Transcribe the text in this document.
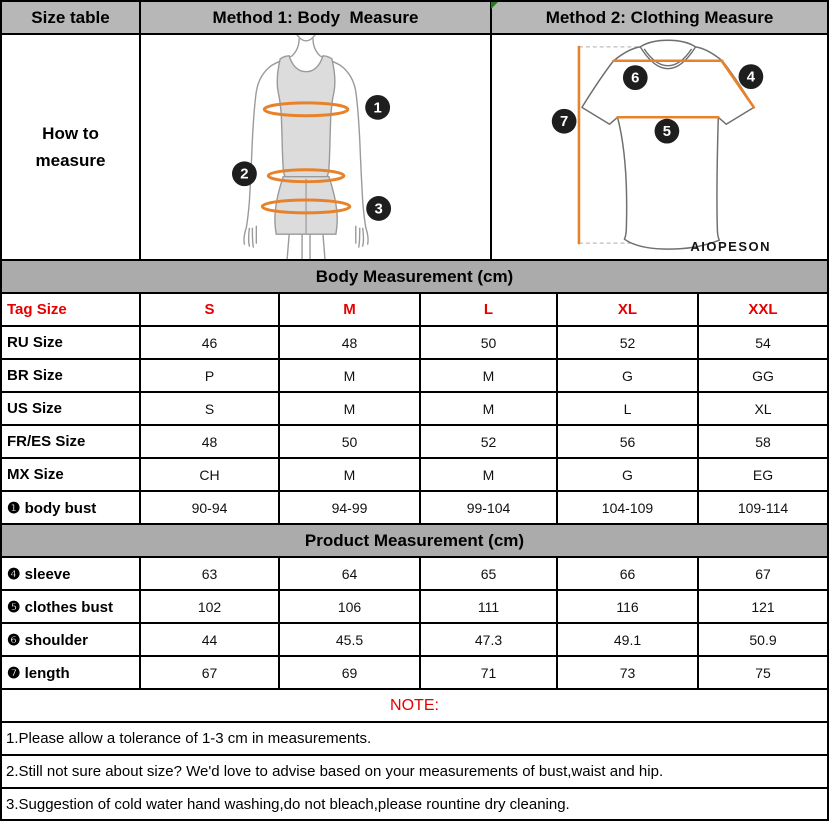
Size table	Method 1: Body  Measure	Method 2: Clothing Measure
How to measure
1
2
3
6	4
5
7
AIOPESON
Body Measurement (cm)
Tag Size	S	M	L	XL	XXL
RU Size	46	48	50	52	54
BR Size	P	M	M	G	GG
US Size	S	M	M	L	XL
FR/ES Size	48	50	52	56	58
MX Size	CH	M	M	G	EG
❶ body bust	90-94	94-99	99-104	104-109	109-114
Product Measurement (cm)
❹ sleeve	63	64	65	66	67
❺ clothes bust	102	106	111	116	121
❻ shoulder	44	45.5	47.3	49.1	50.9
❼ length	67	69	71	73	75
NOTE:
1.Please allow a tolerance of 1-3 cm in measurements.
2.Still not sure about size? We'd love to advise based on your measurements of bust,waist and hip.
3.Suggestion of cold water hand washing,do not bleach,please rountine dry cleaning.
